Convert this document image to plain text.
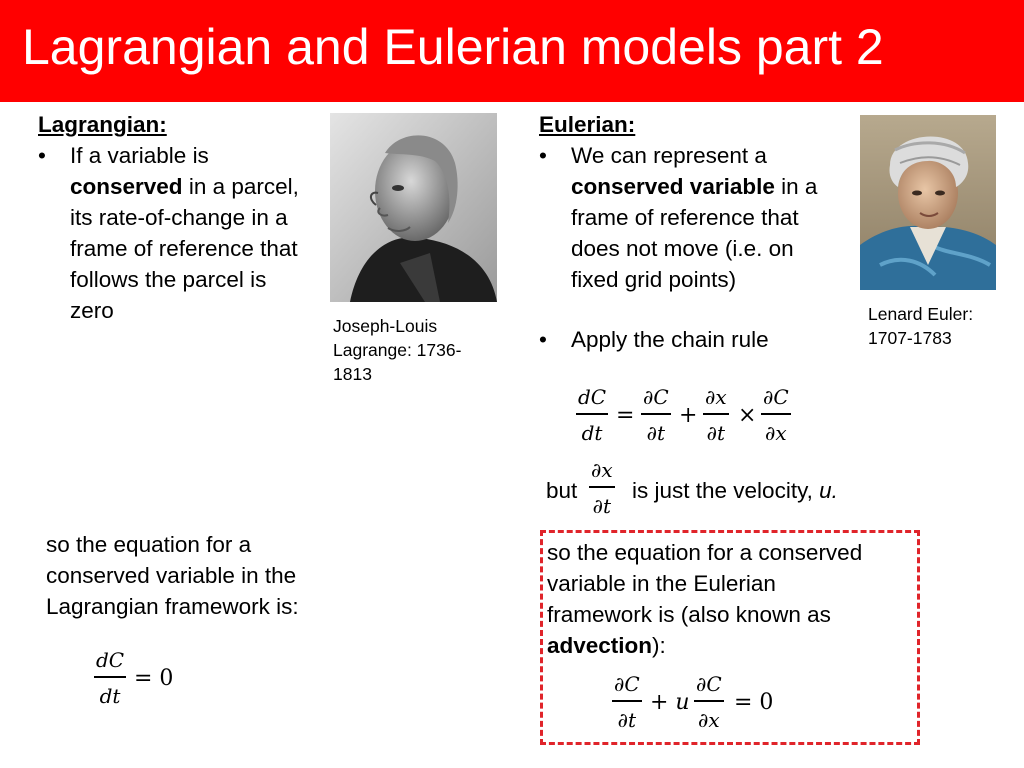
Lagrangian and Eulerian models part 2
Lagrangian:
•	If a variable is conserved in a parcel, its rate-of-change in a frame of reference that follows the parcel is zero
Joseph-Louis Lagrange: 1736-1813
Eulerian:
•	We can represent a conserved variable in a frame of reference that does not move (i.e. on fixed grid points)
•	Apply the chain rule
Lenard Euler: 1707-1783
dC
dt
=
∂C
∂t
+
∂x
∂t
×
∂C
∂x
but
∂x
∂t
is just the velocity, u.
so the equation for a conserved variable in the Lagrangian framework is:
dC
dt
= 0
so the equation for a conserved variable in the Eulerian framework is (also known as advection):
∂C
∂t
+ u
∂C
∂x
= 0
